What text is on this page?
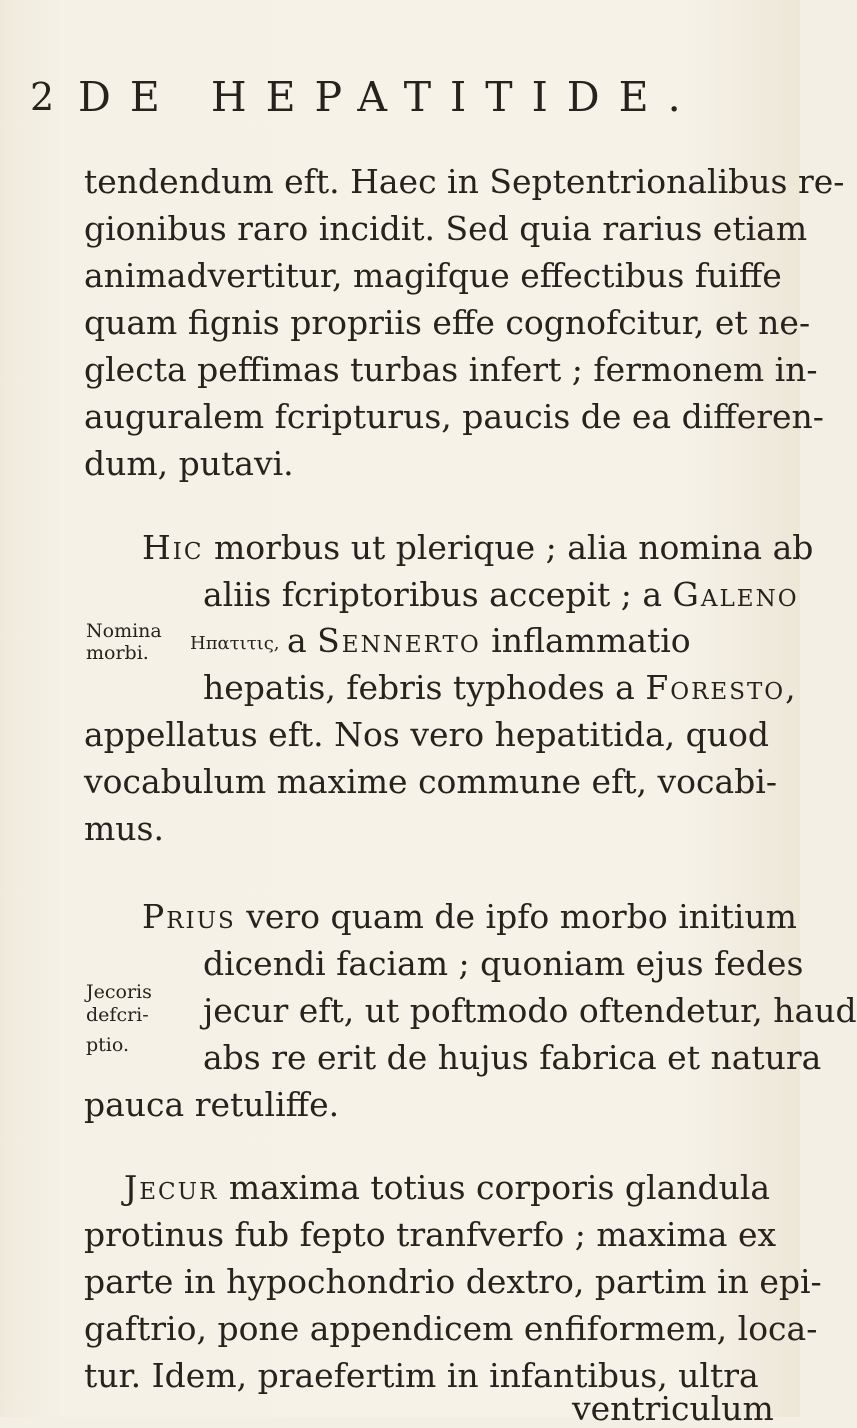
2 DE HEPATITIDE.
tendendum eft. Haec in Septentrionalibus re-
gionibus raro incidit. Sed quia rarius etiam
animadvertitur, magifque effectibus fuiffe
quam fignis propriis effe cognofcitur, et ne-
glecta peffimas turbas infert ; fermonem in-
auguralem fcripturus, paucis de ea differen-
dum, putavi.
Hic morbus ut plerique ; alia nomina ab
aliis fcriptoribus accepit ; a Galeno
Ηπατιτις, a Sennerto inflammatio
hepatis, febris typhodes a Foresto,
appellatus eft. Nos vero hepatitida, quod
vocabulum maxime commune eft, vocabi-
mus.
Nomina
morbi.
Prius vero quam de ipfo morbo initium
dicendi faciam ; quoniam ejus fedes
jecur eft, ut poftmodo oftendetur, haud
abs re erit de hujus fabrica et natura
pauca retuliffe.
Jecoris
defcri-
ptio.
Jecur maxima totius corporis glandula
protinus fub fepto tranfverfo ; maxima ex
parte in hypochondrio dextro, partim in epi-
gaftrio, pone appendicem enfiformem, loca-
tur. Idem, praefertim in infantibus, ultra
ventriculum
